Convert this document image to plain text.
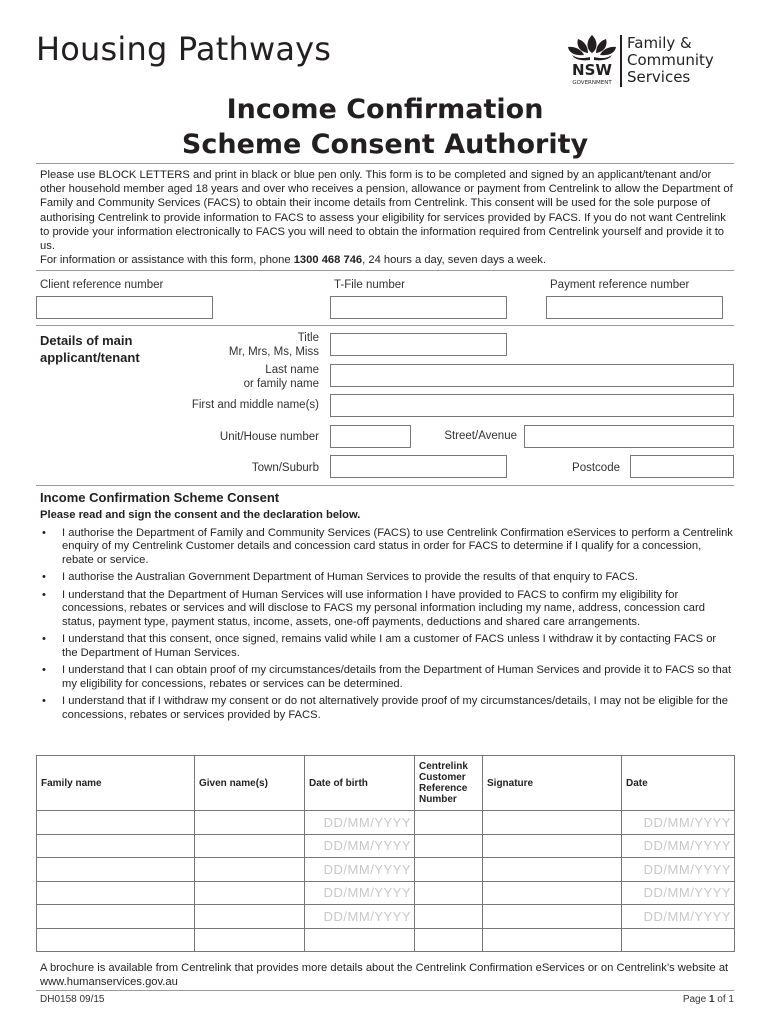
Housing Pathways
NSW
GOVERNMENT
Family &
Community
Services
Income Confirmation
Scheme Consent Authority
Please use BLOCK LETTERS and print in black or blue pen only. This form is to be completed and signed by an applicant/tenant and/or other household member aged 18 years and over who receives a pension, allowance or payment from Centrelink to allow the Department of Family and Community Services (FACS) to obtain their income details from Centrelink. This consent will be used for the sole purpose of authorising Centrelink to provide information to FACS to assess your eligibility for services provided by FACS. If you do not want Centrelink to provide your information electronically to FACS you will need to obtain the information required from Centrelink yourself and provide it to us.
For information or assistance with this form, phone 1300 468 746, 24 hours a day, seven days a week.
Client reference number	T-File number	Payment reference number
Details of main
applicant/tenant
Title
Mr, Mrs, Ms, Miss
Last name
or family name
First and middle name(s)
Unit/House number	Street/Avenue
Town/Suburb	Postcode
Income Confirmation Scheme Consent
Please read and sign the consent and the declaration below.
• I authorise the Department of Family and Community Services (FACS) to use Centrelink Confirmation eServices to perform a Centrelink enquiry of my Centrelink Customer details and concession card status in order for FACS to determine if I qualify for a concession, rebate or service.
• I authorise the Australian Government Department of Human Services to provide the results of that enquiry to FACS.
• I understand that the Department of Human Services will use information I have provided to FACS to confirm my eligibility for concessions, rebates or services and will disclose to FACS my personal information including my name, address, concession card status, payment type, payment status, income, assets, one-off payments, deductions and shared care arrangements.
• I understand that this consent, once signed, remains valid while I am a customer of FACS unless I withdraw it by contacting FACS or the Department of Human Services.
• I understand that I can obtain proof of my circumstances/details from the Department of Human Services and provide it to FACS so that my eligibility for concessions, rebates or services can be determined.
• I understand that if I withdraw my consent or do not alternatively provide proof of my circumstances/details, I may not be eligible for the concessions, rebates or services provided by FACS.
Family name	Given name(s)	Date of birth	Centrelink Customer Reference Number	Signature	Date
		DD/MM/YYYY			DD/MM/YYYY
		DD/MM/YYYY			DD/MM/YYYY
		DD/MM/YYYY			DD/MM/YYYY
		DD/MM/YYYY			DD/MM/YYYY
		DD/MM/YYYY			DD/MM/YYYY

A brochure is available from Centrelink that provides more details about the Centrelink Confirmation eServices or on Centrelink’s website at www.humanservices.gov.au
DH0158 09/15	Page 1 of 1
